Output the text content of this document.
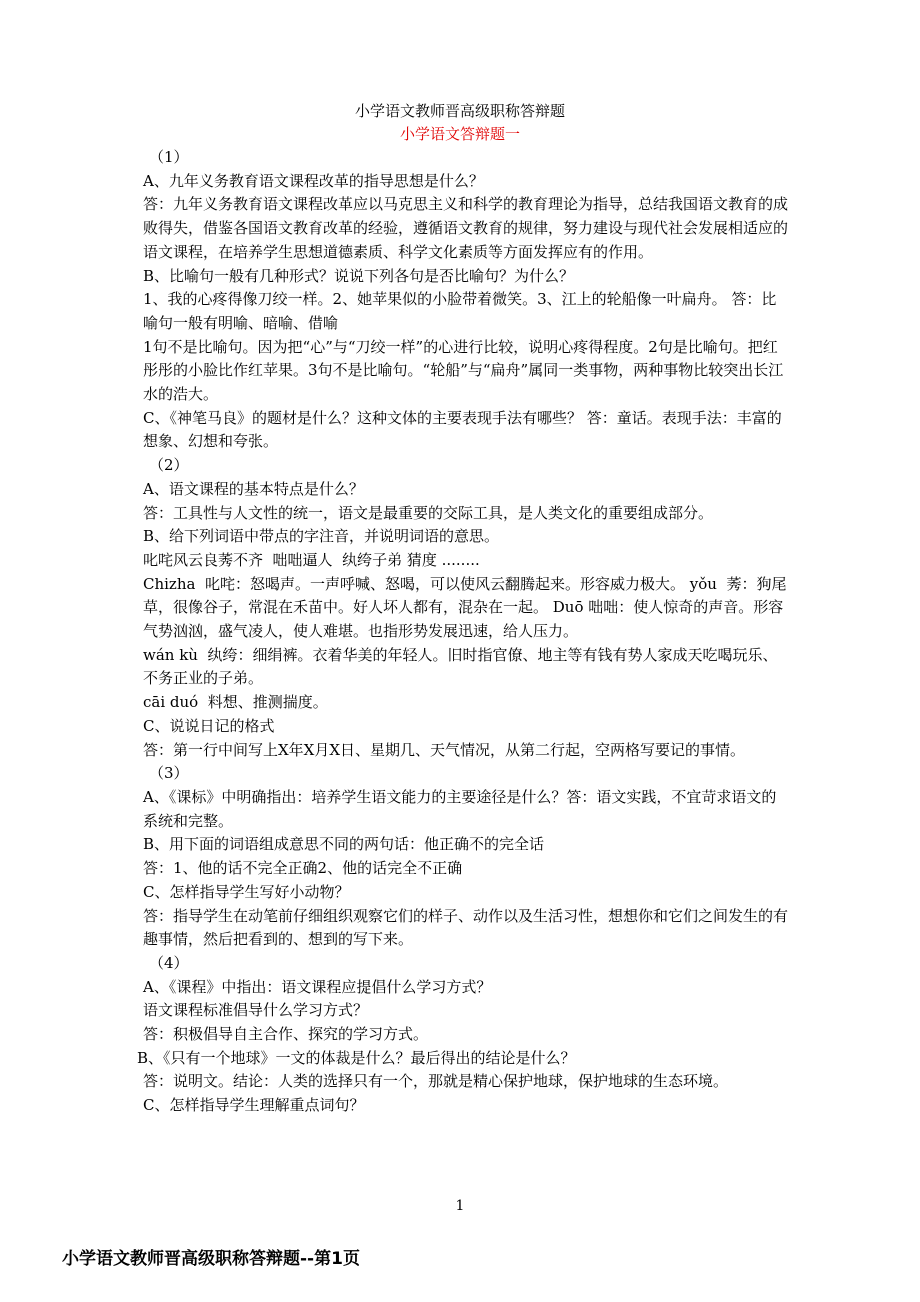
小学语文教师晋高级职称答辩题
小学语文答辩题一

（1）

A、九年义务教育语文课程改革的指导思想是什么？

答：九年义务教育语文课程改革应以马克思主义和科学的教育理论为指导，总结我国语文教育的成败得失，借鉴各国语文教育改革的经验，遵循语文教育的规律，努力建设与现代社会发展相适应的语文课程，在培养学生思想道德素质、科学文化素质等方面发挥应有的作用。

B、比喻句一般有几种形式？说说下列各句是否比喻句？为什么？

1、我的心疼得像刀绞一样。2、她苹果似的小脸带着微笑。3、江上的轮船像一叶扁舟。 答：比喻句一般有明喻、暗喻、借喻

1句不是比喻句。因为把“心”与“刀绞一样”的心进行比较，说明心疼得程度。2句是比喻句。把红彤彤的小脸比作红苹果。3句不是比喻句。“轮船”与“扁舟”属同一类事物，两种事物比较突出长江水的浩大。

C、《神笔马良》的题材是什么？这种文体的主要表现手法有哪些？ 答：童话。表现手法：丰富的想象、幻想和夸张。

（2）

A、语文课程的基本特点是什么？

答：工具性与人文性的统一，语文是最重要的交际工具，是人类文化的重要组成部分。

B、给下列词语中带点的字注音，并说明词语的意思。

叱咤风云良莠不齐  咄咄逼人  纨绔子弟 猜度 ........

Chizha  叱咤：怒喝声。一声呼喊、怒喝，可以使风云翻腾起来。形容威力极大。 yǒu  莠：狗尾草，很像谷子，常混在禾苗中。好人坏人都有，混杂在一起。 Duō 咄咄：使人惊奇的声音。形容气势汹汹，盛气凌人，使人难堪。也指形势发展迅速，给人压力。

wán kù  纨绔：细绢裤。衣着华美的年轻人。旧时指官僚、地主等有钱有势人家成天吃喝玩乐、不务正业的子弟。

cāi duó  料想、推测揣度。

C、说说日记的格式

答：第一行中间写上X年X月X日、星期几、天气情况，从第二行起，空两格写要记的事情。

（3）

A、《课标》中明确指出：培养学生语文能力的主要途径是什么？答：语文实践，不宜苛求语文的系统和完整。

B、用下面的词语组成意思不同的两句话：他正确不的完全话

答：1、他的话不完全正确2、他的话完全不正确

C、怎样指导学生写好小动物？

答：指导学生在动笔前仔细组织观察它们的样子、动作以及生活习性，想想你和它们之间发生的有趣事情，然后把看到的、想到的写下来。

（4）

A、《课程》中指出：语文课程应提倡什么学习方式？

语文课程标准倡导什么学习方式？

答：积极倡导自主合作、探究的学习方式。

B、《只有一个地球》一文的体裁是什么？最后得出的结论是什么？

答：说明文。结论：人类的选择只有一个，那就是精心保护地球，保护地球的生态环境。

C、怎样指导学生理解重点词句？

1
小学语文教师晋高级职称答辩题--第1页
